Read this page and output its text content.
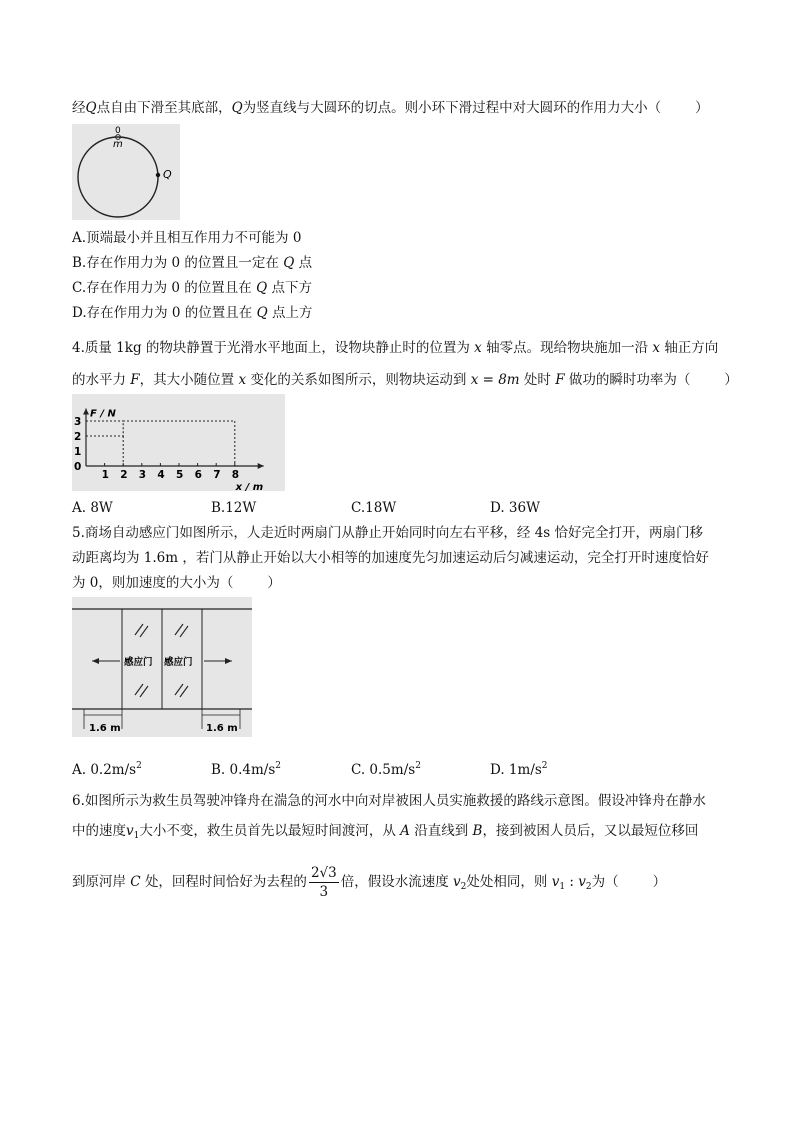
经Q点自由下滑至其底部，Q为竖直线与大圆环的切点。则小环下滑过程中对大圆环的作用力大小（	）
0
m
Q
A.顶端最小并且相互作用力不可能为 0
B.存在作用力为 0 的位置且一定在 Q 点
C.存在作用力为 0 的位置且在 Q 点下方
D.存在作用力为 0 的位置且在 Q 点上方
4.质量 1kg 的物块静置于光滑水平地面上，设物块静止时的位置为 x 轴零点。现给物块施加一沿 x 轴正方向
的水平力 F，其大小随位置 x 变化的关系如图所示，则物块运动到 x = 8m 处时 F 做功的瞬时功率为（	）
F / N
x / m
1 2 3 4 5 6 7 8
0
1
2
3
A. 8W	B.12W	C.18W	D. 36W
5.商场自动感应门如图所示，人走近时两扇门从静止开始同时向左右平移，经 4s 恰好完全打开，两扇门移
动距离均为 1.6m ，若门从静止开始以大小相等的加速度先匀加速运动后匀减速运动，完全打开时速度恰好
为 0，则加速度的大小为（	）
感应门 感应门
1.6 m	1.6 m
A. $0.2m/s^2$	B. $0.4m/s^2$	C. $0.5m/s^2$	D. $1m/s^2$
6.如图所示为救生员驾驶冲锋舟在湍急的河水中向对岸被困人员实施救援的路线示意图。假设冲锋舟在静水
中的速度$v_1$大小不变，救生员首先以最短时间渡河，从 A 沿直线到 B，接到被困人员后，又以最短位移回
到原河岸 C 处，回程时间恰好为去程的 $\frac{2√3}{3}$ 倍，假设水流速度 $v_2$处处相同，则 $v_1$ : $v_2$为（	）
